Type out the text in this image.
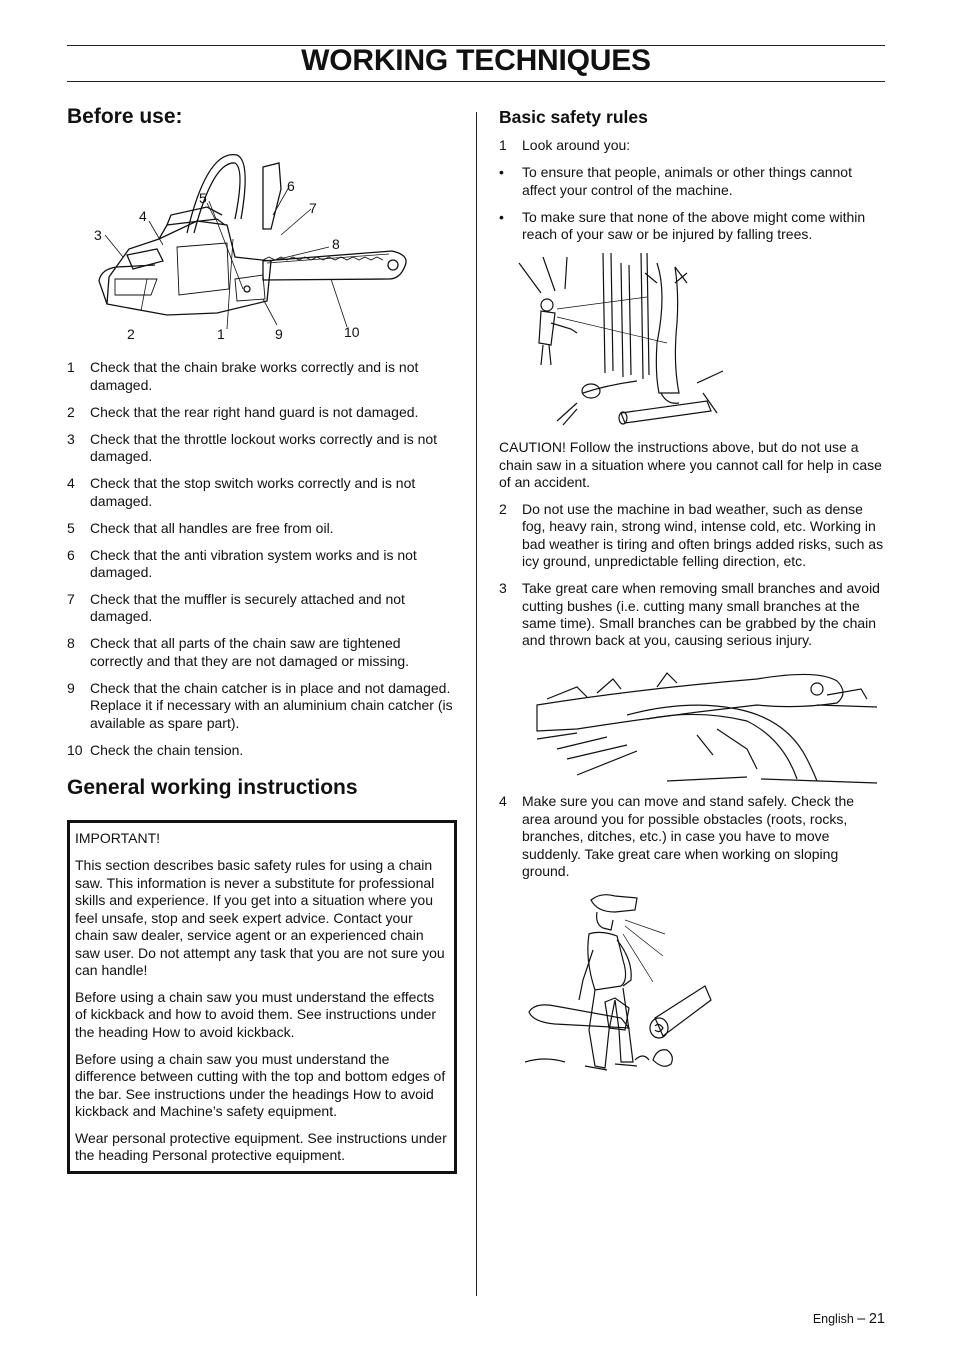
WORKING TECHNIQUES
Before use:
3
4
5
6
7
8
2	1	9	10
1 Check that the chain brake works correctly and is not damaged.
2 Check that the rear right hand guard is not damaged.
3 Check that the throttle lockout works correctly and is not damaged.
4 Check that the stop switch works correctly and is not damaged.
5 Check that all handles are free from oil.
6 Check that the anti vibration system works and is not damaged.
7 Check that the muffler is securely attached and not damaged.
8 Check that all parts of the chain saw are tightened correctly and that they are not damaged or missing.
9 Check that the chain catcher is in place and not damaged. Replace it if necessary with an aluminium chain catcher (is available as spare part).
10 Check the chain tension.
General working instructions

IMPORTANT!

This section describes basic safety rules for using a chain saw. This information is never a substitute for professional skills and experience. If you get into a situation where you feel unsafe, stop and seek expert advice. Contact your chain saw dealer, service agent or an experienced chain saw user. Do not attempt any task that you are not sure you can handle!

Before using a chain saw you must understand the effects of kickback and how to avoid them. See instructions under the heading How to avoid kickback.

Before using a chain saw you must understand the difference between cutting with the top and bottom edges of the bar. See instructions under the headings How to avoid kickback and Machine’s safety equipment.

Wear personal protective equipment. See instructions under the heading Personal protective equipment.

Basic safety rules
1 Look around you:
• To ensure that people, animals or other things cannot affect your control of the machine.
• To make sure that none of the above might come within reach of your saw or be injured by falling trees.

CAUTION! Follow the instructions above, but do not use a chain saw in a situation where you cannot call for help in case of an accident.

2 Do not use the machine in bad weather, such as dense fog, heavy rain, strong wind, intense cold, etc. Working in bad weather is tiring and often brings added risks, such as icy ground, unpredictable felling direction, etc.
3 Take great care when removing small branches and avoid cutting bushes (i.e. cutting many small branches at the same time). Small branches can be grabbed by the chain and thrown back at you, causing serious injury.
4 Make sure you can move and stand safely. Check the area around you for possible obstacles (roots, rocks, branches, ditches, etc.) in case you have to move suddenly. Take great care when working on sloping ground.
English – 21
